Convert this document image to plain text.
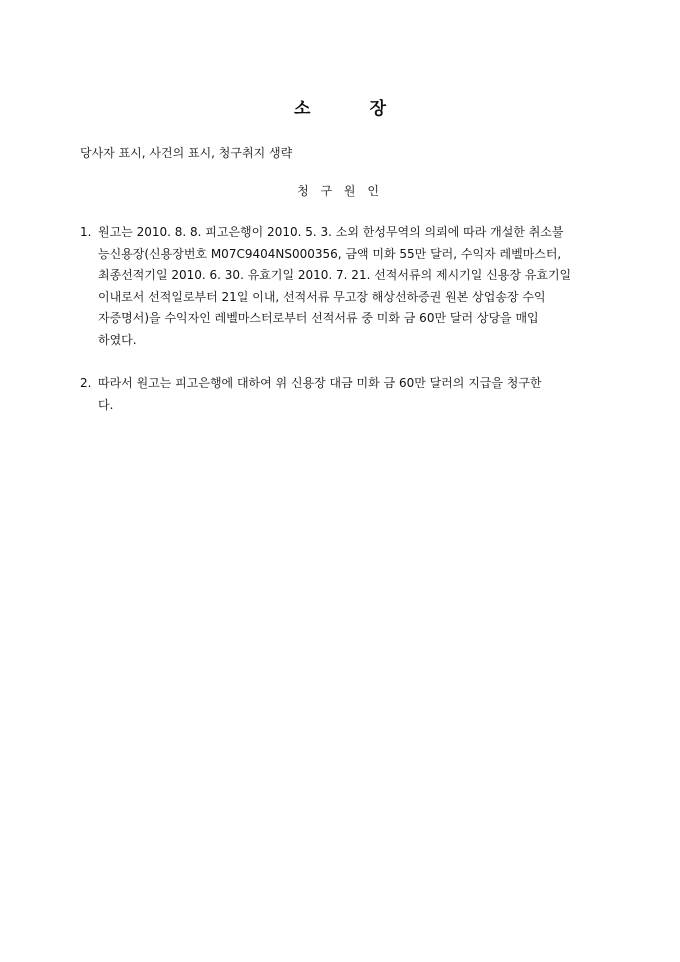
소          장
당사자 표시, 사건의 표시, 청구취지 생략
청 구 원 인
1. 원고는 2010. 8. 8. 피고은행이 2010. 5. 3. 소외 한성무역의 의뢰에 따라 개설한 취소불
능신용장(신용장번호 M07C9404NS000356, 금액 미화 55만 달러, 수익자 레벨마스터,
최종선적기일 2010. 6. 30. 유효기일 2010. 7. 21. 선적서류의 제시기일 신용장 유효기일
이내로서 선적일로부터 21일 이내, 선적서류 무고장 해상선하증권 원본 상업송장 수익
자증명서)을 수익자인 레벨마스터로부터 선적서류 중 미화 금 60만 달러 상당을 매입
하였다.
2. 따라서 원고는 피고은행에 대하여 위 신용장 대금 미화 금 60만 달러의 지급을 청구한
다.
